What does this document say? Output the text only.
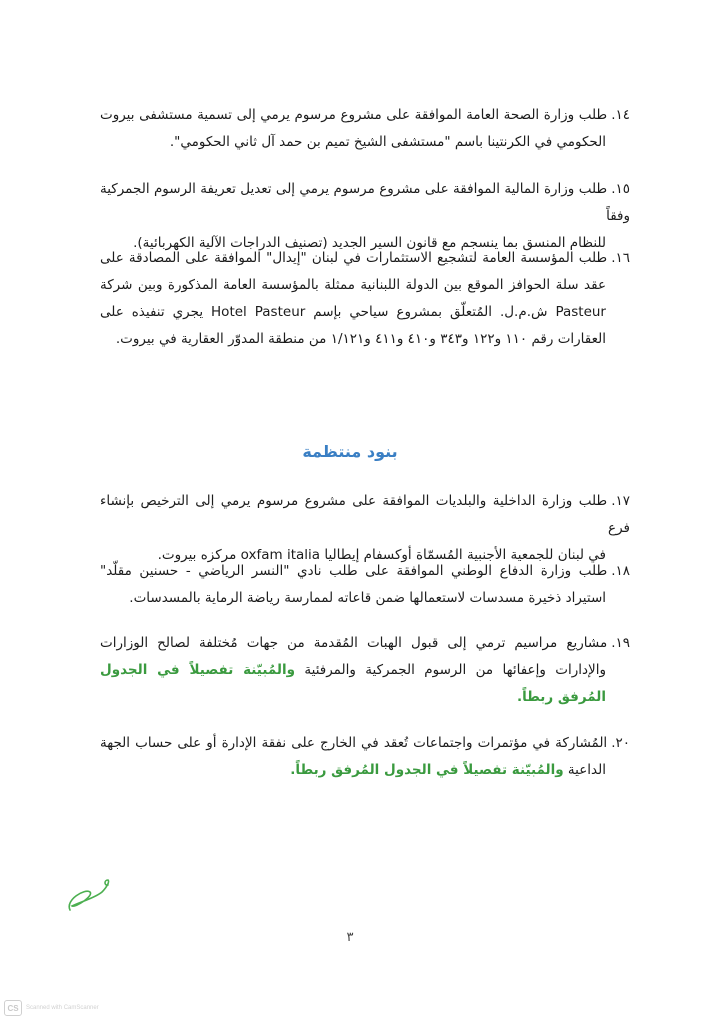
١٤.طلب وزارة الصحة العامة الموافقة على مشروع مرسوم يرمي إلى تسمية مستشفى بيروت
الحكومي في الكرنتينا باسم "مستشفى الشيخ تميم بن حمد آل ثاني الحكومي".
١٥.طلب وزارة المالية الموافقة على مشروع مرسوم يرمي إلى تعديل تعريفة الرسوم الجمركية وفقاً
للنظام المنسق بما ينسجم مع قانون السير الجديد (تصنيف الدراجات الآلية الكهربائية).
١٦.طلب المؤسسة العامة لتشجيع الاستثمارات في لبنان "إيدال" الموافقة على المصادقة على
عقد سلة الحوافز الموقع بين الدولة اللبنانية ممثلة بالمؤسسة العامة المذكورة وبين شركة Pasteur ش.م.ل. المُتعلّق بمشروع سياحي بإسم Hotel Pasteur يجري تنفيذه على العقارات رقم ١١٠ و١٢٢ و٣٤٣ و٤١٠ و٤١١ و١/١٢١ من منطقة المدوّر العقارية في بيروت.
بنود منتظمة
١٧.طلب وزارة الداخلية والبلديات الموافقة على مشروع مرسوم يرمي إلى الترخيص بإنشاء فرع
في لبنان للجمعية الأجنبية المُسمّاة أوكسفام إيطاليا oxfam italia مركزه بيروت.
١٨.طلب وزارة الدفاع الوطني الموافقة على طلب نادي "النسر الرياضي - حسنين مقلّد"
استيراد ذخيرة مسدسات لاستعمالها ضمن قاعاته لممارسة رياضة الرماية بالمسدسات.
١٩.مشاريع مراسيم ترمي إلى قبول الهبات المُقدمة من جهات مُختلفة لصالح الوزارات
والإدارات وإعفائها من الرسوم الجمركية والمرفئية والمُبيّنة تفصيلاً في الجدول المُرفق ربطاً.
٢٠.المُشاركة في مؤتمرات واجتماعات تُعقد في الخارج على نفقة الإدارة أو على حساب الجهة
الداعية والمُبيّنة تفصيلاً في الجدول المُرفق ربطاً.
٣
CS	Scanned with CamScanner
